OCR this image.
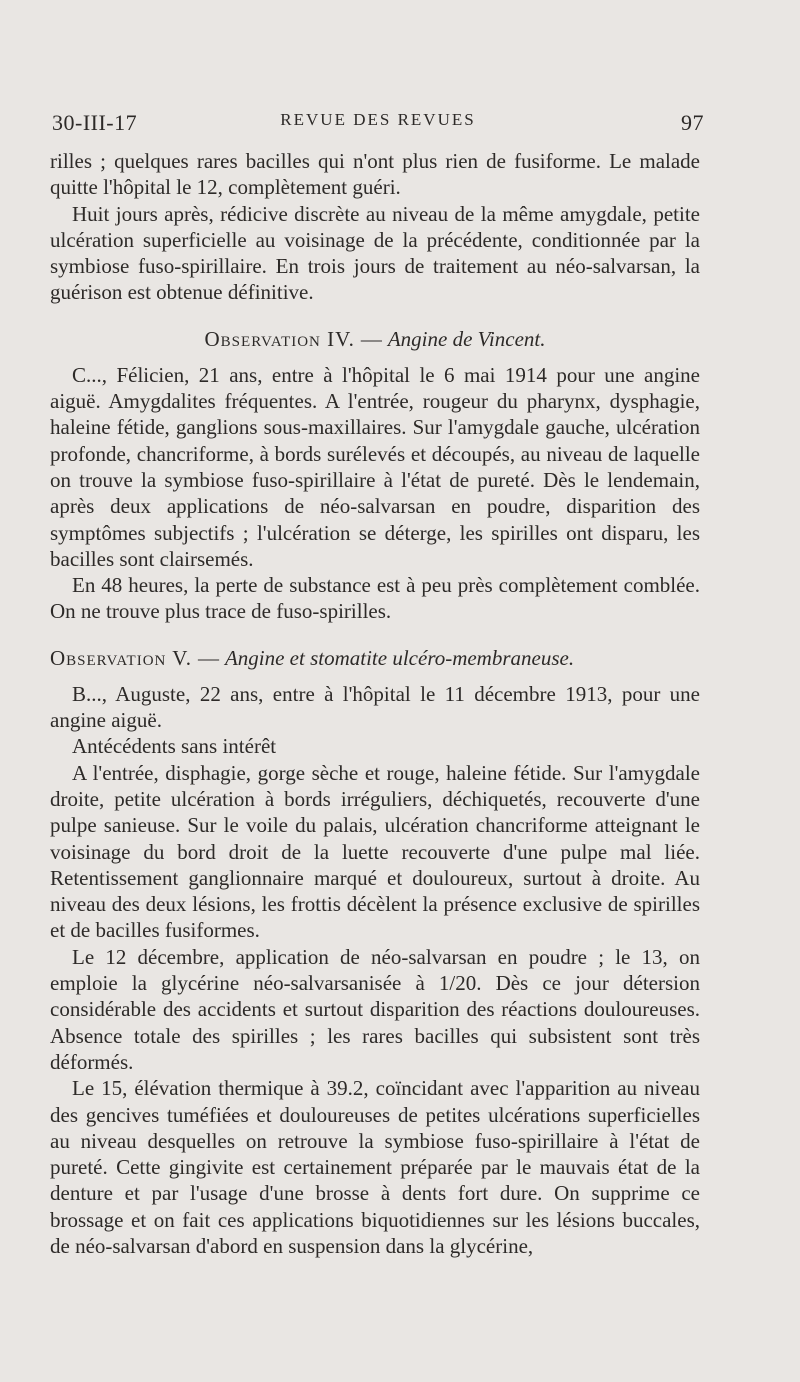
30-III-17	REVUE DES REVUES	97

rilles ; quelques rares bacilles qui n'ont plus rien de fusiforme. Le malade quitte l'hôpital le 12, complètement guéri.

Huit jours après, rédicive discrète au niveau de la même amygdale, petite ulcération superficielle au voisinage de la précédente, conditionnée par la symbiose fuso-spirillaire. En trois jours de traitement au néo-salvarsan, la guérison est obtenue définitive.

Observation IV. — Angine de Vincent.

C..., Félicien, 21 ans, entre à l'hôpital le 6 mai 1914 pour une angine aiguë. Amygdalites fréquentes. A l'entrée, rougeur du pharynx, dysphagie, haleine fétide, ganglions sous-maxillaires. Sur l'amygdale gauche, ulcération profonde, chancriforme, à bords surélevés et découpés, au niveau de laquelle on trouve la symbiose fuso-spirillaire à l'état de pureté. Dès le lendemain, après deux applications de néo-salvarsan en poudre, disparition des symptômes subjectifs ; l'ulcération se déterge, les spirilles ont disparu, les bacilles sont clairsemés.

En 48 heures, la perte de substance est à peu près complètement comblée. On ne trouve plus trace de fuso-spirilles.

Observation V. — Angine et stomatite ulcéro-membraneuse.

B..., Auguste, 22 ans, entre à l'hôpital le 11 décembre 1913, pour une angine aiguë.

Antécédents sans intérêt

A l'entrée, disphagie, gorge sèche et rouge, haleine fétide. Sur l'amygdale droite, petite ulcération à bords irréguliers, déchiquetés, recouverte d'une pulpe sanieuse. Sur le voile du palais, ulcération chancriforme atteignant le voisinage du bord droit de la luette recouverte d'une pulpe mal liée. Retentissement ganglionnaire marqué et douloureux, surtout à droite. Au niveau des deux lésions, les frottis décèlent la présence exclusive de spirilles et de bacilles fusiformes.

Le 12 décembre, application de néo-salvarsan en poudre ; le 13, on emploie la glycérine néo-salvarsanisée à 1/20. Dès ce jour détersion considérable des accidents et surtout disparition des réactions douloureuses. Absence totale des spirilles ; les rares bacilles qui subsistent sont très déformés.

Le 15, élévation thermique à 39.2, coïncidant avec l'apparition au niveau des gencives tuméfiées et douloureuses de petites ulcérations superficielles au niveau desquelles on retrouve la symbiose fuso-spirillaire à l'état de pureté. Cette gingivite est certainement préparée par le mauvais état de la denture et par l'usage d'une brosse à dents fort dure. On supprime ce brossage et on fait ces applications biquotidiennes sur les lésions buccales, de néo-salvarsan d'abord en suspension dans la glycérine,
